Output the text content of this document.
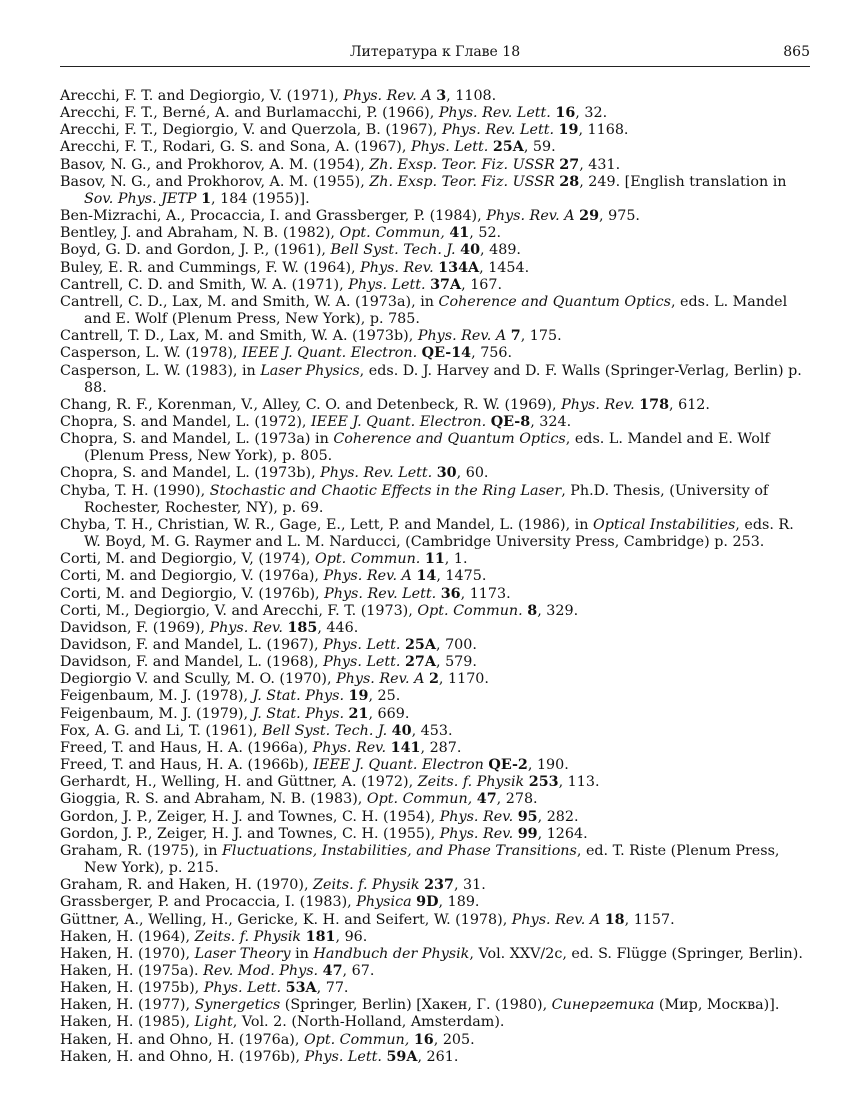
Литература к Главе 18	865
Arecchi, F. T. and Degiorgio, V. (1971), Phys. Rev. A 3, 1108.
Arecchi, F. T., Berné, A. and Burlamacchi, P. (1966), Phys. Rev. Lett. 16, 32.
Arecchi, F. T., Degiorgio, V. and Querzola, B. (1967), Phys. Rev. Lett. 19, 1168.
Arecchi, F. T., Rodari, G. S. and Sona, A. (1967), Phys. Lett. 25A, 59.
Basov, N. G., and Prokhorov, A. M. (1954), Zh. Exsp. Teor. Fiz. USSR 27, 431.
Basov, N. G., and Prokhorov, A. M. (1955), Zh. Exsp. Teor. Fiz. USSR 28, 249. [English translation in Sov. Phys. JETP 1, 184 (1955)].
Ben-Mizrachi, A., Procaccia, I. and Grassberger, P. (1984), Phys. Rev. A 29, 975.
Bentley, J. and Abraham, N. B. (1982), Opt. Commun, 41, 52.
Boyd, G. D. and Gordon, J. P., (1961), Bell Syst. Tech. J. 40, 489.
Buley, E. R. and Cummings, F. W. (1964), Phys. Rev. 134A, 1454.
Cantrell, C. D. and Smith, W. A. (1971), Phys. Lett. 37A, 167.
Cantrell, C. D., Lax, M. and Smith, W. A. (1973a), in Coherence and Quantum Optics, eds. L. Mandel and E. Wolf (Plenum Press, New York), p. 785.
Cantrell, T. D., Lax, M. and Smith, W. A. (1973b), Phys. Rev. A 7, 175.
Casperson, L. W. (1978), IEEE J. Quant. Electron. QE-14, 756.
Casperson, L. W. (1983), in Laser Physics, eds. D. J. Harvey and D. F. Walls (Springer-Verlag, Berlin) p. 88.
Chang, R. F., Korenman, V., Alley, C. O. and Detenbeck, R. W. (1969), Phys. Rev. 178, 612.
Chopra, S. and Mandel, L. (1972), IEEE J. Quant. Electron. QE-8, 324.
Chopra, S. and Mandel, L. (1973a) in Coherence and Quantum Optics, eds. L. Mandel and E. Wolf (Plenum Press, New York), p. 805.
Chopra, S. and Mandel, L. (1973b), Phys. Rev. Lett. 30, 60.
Chyba, T. H. (1990), Stochastic and Chaotic Effects in the Ring Laser, Ph.D. Thesis, (University of Rochester, Rochester, NY), p. 69.
Chyba, T. H., Christian, W. R., Gage, E., Lett, P. and Mandel, L. (1986), in Optical Instabilities, eds. R. W. Boyd, M. G. Raymer and L. M. Narducci, (Cambridge University Press, Cambridge) p. 253.
Corti, M. and Degiorgio, V, (1974), Opt. Commun. 11, 1.
Corti, M. and Degiorgio, V. (1976a), Phys. Rev. A 14, 1475.
Corti, M. and Degiorgio, V. (1976b), Phys. Rev. Lett. 36, 1173.
Corti, M., Degiorgio, V. and Arecchi, F. T. (1973), Opt. Commun. 8, 329.
Davidson, F. (1969), Phys. Rev. 185, 446.
Davidson, F. and Mandel, L. (1967), Phys. Lett. 25A, 700.
Davidson, F. and Mandel, L. (1968), Phys. Lett. 27A, 579.
Degiorgio V. and Scully, M. O. (1970), Phys. Rev. A 2, 1170.
Feigenbaum, M. J. (1978), J. Stat. Phys. 19, 25.
Feigenbaum, M. J. (1979), J. Stat. Phys. 21, 669.
Fox, A. G. and Li, T. (1961), Bell Syst. Tech. J. 40, 453.
Freed, T. and Haus, H. A. (1966a), Phys. Rev. 141, 287.
Freed, T. and Haus, H. A. (1966b), IEEE J. Quant. Electron QE-2, 190.
Gerhardt, H., Welling, H. and Güttner, A. (1972), Zeits. f. Physik 253, 113.
Gioggia, R. S. and Abraham, N. B. (1983), Opt. Commun, 47, 278.
Gordon, J. P., Zeiger, H. J. and Townes, C. H. (1954), Phys. Rev. 95, 282.
Gordon, J. P., Zeiger, H. J. and Townes, C. H. (1955), Phys. Rev. 99, 1264.
Graham, R. (1975), in Fluctuations, Instabilities, and Phase Transitions, ed. T. Riste (Plenum Press, New York), p. 215.
Graham, R. and Haken, H. (1970), Zeits. f. Physik 237, 31.
Grassberger, P. and Procaccia, I. (1983), Physica 9D, 189.
Güttner, A., Welling, H., Gericke, K. H. and Seifert, W. (1978), Phys. Rev. A 18, 1157.
Haken, H. (1964), Zeits. f. Physik 181, 96.
Haken, H. (1970), Laser Theory in Handbuch der Physik, Vol. XXV/2c, ed. S. Flügge (Springer, Berlin).
Haken, H. (1975a). Rev. Mod. Phys. 47, 67.
Haken, H. (1975b), Phys. Lett. 53A, 77.
Haken, H. (1977), Synergetics (Springer, Berlin) [Хакен, Г. (1980), Синергетика (Мир, Москва)].
Haken, H. (1985), Light, Vol. 2. (North-Holland, Amsterdam).
Haken, H. and Ohno, H. (1976a), Opt. Commun, 16, 205.
Haken, H. and Ohno, H. (1976b), Phys. Lett. 59A, 261.
